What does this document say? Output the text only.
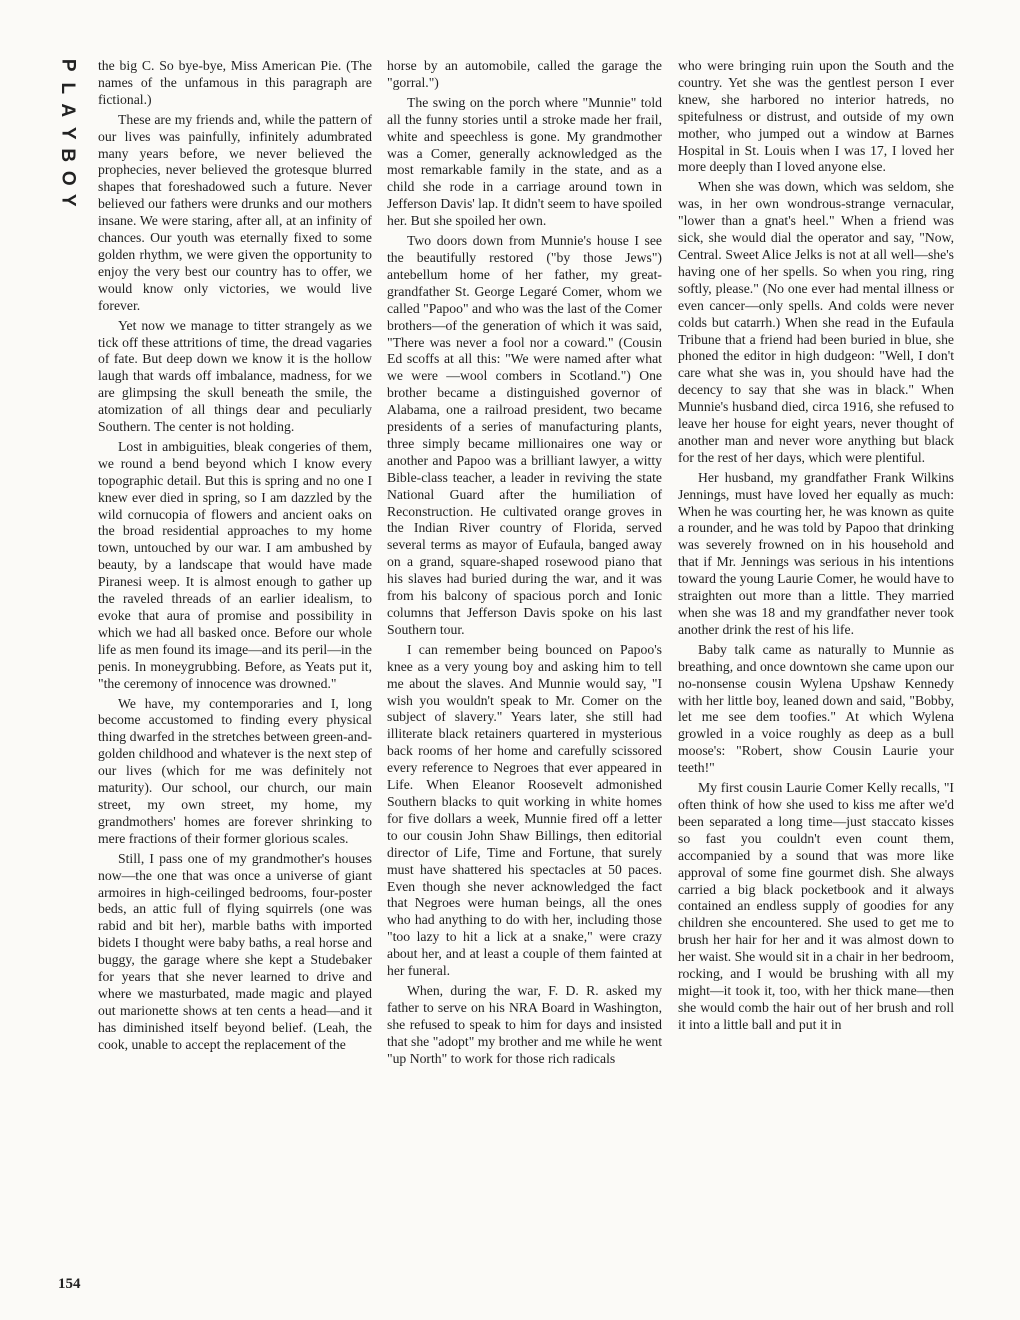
P
L
A
Y
B
O
Y
154

the big C. So bye-bye, Miss American Pie. (The names of the unfamous in this paragraph are fictional.)

These are my friends and, while the pattern of our lives was painfully, infinitely adumbrated many years before, we never believed the prophecies, never believed the grotesque blurred shapes that foreshadowed such a future. Never believed our fathers were drunks and our mothers insane. We were staring, after all, at an infinity of chances. Our youth was eternally fixed to some golden rhythm, we were given the opportunity to enjoy the very best our country has to offer, we would know only victories, we would live forever.

Yet now we manage to titter strangely as we tick off these attritions of time, the dread vagaries of fate. But deep down we know it is the hollow laugh that wards off imbalance, madness, for we are glimpsing the skull beneath the smile, the atomization of all things dear and peculiarly Southern. The center is not holding.

Lost in ambiguities, bleak congeries of them, we round a bend beyond which I know every topographic detail. But this is spring and no one I knew ever died in spring, so I am dazzled by the wild cornucopia of flowers and ancient oaks on the broad residential approaches to my home town, untouched by our war. I am ambushed by beauty, by a landscape that would have made Piranesi weep. It is almost enough to gather up the raveled threads of an earlier idealism, to evoke that aura of promise and possibility in which we had all basked once. Before our whole life as men found its image—and its peril—in the penis. In moneygrubbing. Before, as Yeats put it, "the ceremony of innocence was drowned."

We have, my contemporaries and I, long become accustomed to finding every physical thing dwarfed in the stretches between green-and-golden childhood and whatever is the next step of our lives (which for me was definitely not maturity). Our school, our church, our main street, my own street, my home, my grandmothers' homes are forever shrinking to mere fractions of their former glorious scales.

Still, I pass one of my grandmother's houses now—the one that was once a universe of giant armoires in high-ceilinged bedrooms, four-poster beds, an attic full of flying squirrels (one was rabid and bit her), marble baths with imported bidets I thought were baby baths, a real horse and buggy, the garage where she kept a Studebaker for years that she never learned to drive and where we masturbated, made magic and played out marionette shows at ten cents a head—and it has diminished itself beyond belief. (Leah, the cook, unable to accept the replacement of the

horse by an automobile, called the garage the "gorral.")

The swing on the porch where "Munnie" told all the funny stories until a stroke made her frail, white and speechless is gone. My grandmother was a Comer, generally acknowledged as the most remarkable family in the state, and as a child she rode in a carriage around town in Jefferson Davis' lap. It didn't seem to have spoiled her. But she spoiled her own.

Two doors down from Munnie's house I see the beautifully restored ("by those Jews") antebellum home of her father, my great-grandfather St. George Legaré Comer, whom we called "Papoo" and who was the last of the Comer brothers—of the generation of which it was said, "There was never a fool nor a coward." (Cousin Ed scoffs at all this: "We were named after what we were —wool combers in Scotland.") One brother became a distinguished governor of Alabama, one a railroad president, two became presidents of a series of manufacturing plants, three simply became millionaires one way or another and Papoo was a brilliant lawyer, a witty Bible-class teacher, a leader in reviving the state National Guard after the humiliation of Reconstruction. He cultivated orange groves in the Indian River country of Florida, served several terms as mayor of Eufaula, banged away on a grand, square-shaped rosewood piano that his slaves had buried during the war, and it was from his balcony of spacious porch and Ionic columns that Jefferson Davis spoke on his last Southern tour.

I can remember being bounced on Papoo's knee as a very young boy and asking him to tell me about the slaves. And Munnie would say, "I wish you wouldn't speak to Mr. Comer on the subject of slavery." Years later, she still had illiterate black retainers quartered in mysterious back rooms of her home and carefully scissored every reference to Negroes that ever appeared in Life. When Eleanor Roosevelt admonished Southern blacks to quit working in white homes for five dollars a week, Munnie fired off a letter to our cousin John Shaw Billings, then editorial director of Life, Time and Fortune, that surely must have shattered his spectacles at 50 paces. Even though she never acknowledged the fact that Negroes were human beings, all the ones who had anything to do with her, including those "too lazy to hit a lick at a snake," were crazy about her, and at least a couple of them fainted at her funeral.

When, during the war, F. D. R. asked my father to serve on his NRA Board in Washington, she refused to speak to him for days and insisted that she "adopt" my brother and me while he went "up North" to work for those rich radicals

who were bringing ruin upon the South and the country. Yet she was the gentlest person I ever knew, she harbored no interior hatreds, no spitefulness or distrust, and outside of my own mother, who jumped out a window at Barnes Hospital in St. Louis when I was 17, I loved her more deeply than I loved anyone else.

When she was down, which was seldom, she was, in her own wondrous-strange vernacular, "lower than a gnat's heel." When a friend was sick, she would dial the operator and say, "Now, Central. Sweet Alice Jelks is not at all well—she's having one of her spells. So when you ring, ring softly, please." (No one ever had mental illness or even cancer—only spells. And colds were never colds but catarrh.) When she read in the Eufaula Tribune that a friend had been buried in blue, she phoned the editor in high dudgeon: "Well, I don't care what she was in, you should have had the decency to say that she was in black." When Munnie's husband died, circa 1916, she refused to leave her house for eight years, never thought of another man and never wore anything but black for the rest of her days, which were plentiful.

Her husband, my grandfather Frank Wilkins Jennings, must have loved her equally as much: When he was courting her, he was known as quite a rounder, and he was told by Papoo that drinking was severely frowned on in his household and that if Mr. Jennings was serious in his intentions toward the young Laurie Comer, he would have to straighten out more than a little. They married when she was 18 and my grandfather never took another drink the rest of his life.

Baby talk came as naturally to Munnie as breathing, and once downtown she came upon our no-nonsense cousin Wylena Upshaw Kennedy with her little boy, leaned down and said, "Bobby, let me see dem toofies." At which Wylena growled in a voice roughly as deep as a bull moose's: "Robert, show Cousin Laurie your teeth!"

My first cousin Laurie Comer Kelly recalls, "I often think of how she used to kiss me after we'd been separated a long time—just staccato kisses so fast you couldn't even count them, accompanied by a sound that was more like approval of some fine gourmet dish. She always carried a big black pocketbook and it always contained an endless supply of goodies for any children she encountered. She used to get me to brush her hair for her and it was almost down to her waist. She would sit in a chair in her bedroom, rocking, and I would be brushing with all my might—it took it, too, with her thick mane—then she would comb the hair out of her brush and roll it into a little ball and put it in
